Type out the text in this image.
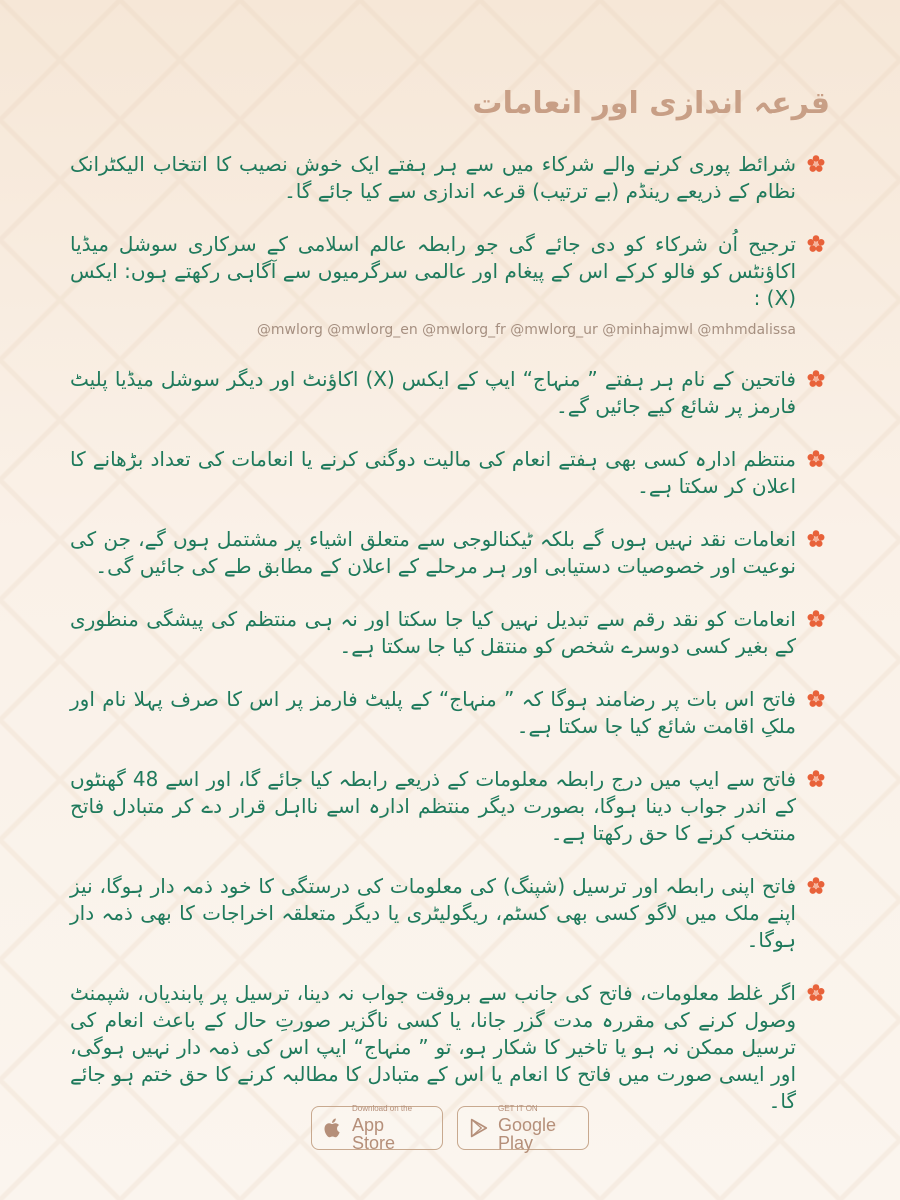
قرعہ اندازی اور انعامات
شرائط پوری کرنے والے شرکاء میں سے ہر ہفتے ایک خوش نصیب کا انتخاب الیکٹرانک نظام کے ذریعے رینڈم (بے ترتیب) قرعہ اندازی سے کیا جائے گا۔
ترجیح اُن شرکاء کو دی جائے گی جو رابطہ عالم اسلامی کے سرکاری سوشل میڈیا اکاؤنٹس کو فالو کرکے اس کے پیغام اور عالمی سرگرمیوں سے آگاہی رکھتے ہوں: ایکس (X) :
@mwlorg @mwlorg_en @mwlorg_fr @mwlorg_ur @minhajmwl @mhmdalissa
فاتحین کے نام ہر ہفتے ” منہاج“ ایپ کے ایکس (X) اکاؤنٹ اور دیگر سوشل میڈیا پلیٹ فارمز پر شائع کیے جائیں گے۔
منتظم ادارہ کسی بھی ہفتے انعام کی مالیت دوگنی کرنے یا انعامات کی تعداد بڑھانے کا اعلان کر سکتا ہے۔
انعامات نقد نہیں ہوں گے بلکہ ٹیکنالوجی سے متعلق اشیاء پر مشتمل ہوں گے، جن کی نوعیت اور خصوصیات دستیابی اور ہر مرحلے کے اعلان کے مطابق طے کی جائیں گی۔
انعامات کو نقد رقم سے تبدیل نہیں کیا جا سکتا اور نہ ہی منتظم کی پیشگی منظوری کے بغیر کسی دوسرے شخص کو منتقل کیا جا سکتا ہے۔
فاتح اس بات پر رضامند ہوگا کہ ” منہاج“ کے پلیٹ فارمز پر اس کا صرف پہلا نام اور ملکِ اقامت شائع کیا جا سکتا ہے۔
فاتح سے ایپ میں درج رابطہ معلومات کے ذریعے رابطہ کیا جائے گا، اور اسے 48 گھنٹوں کے اندر جواب دینا ہوگا، بصورت دیگر منتظم ادارہ اسے نااہل قرار دے کر متبادل فاتح منتخب کرنے کا حق رکھتا ہے۔
فاتح اپنی رابطہ اور ترسیل (شپنگ) کی معلومات کی درستگی کا خود ذمہ دار ہوگا، نیز اپنے ملک میں لاگو کسی بھی کسٹم، ریگولیٹری یا دیگر متعلقہ اخراجات کا بھی ذمہ دار ہوگا۔
اگر غلط معلومات، فاتح کی جانب سے بروقت جواب نہ دینا، ترسیل پر پابندیاں، شپمنٹ وصول کرنے کی مقررہ مدت گزر جانا، یا کسی ناگزیر صورتِ حال کے باعث انعام کی ترسیل ممکن نہ ہو یا تاخیر کا شکار ہو، تو ” منہاج“ ایپ اس کی ذمہ دار نہیں ہوگی، اور ایسی صورت میں فاتح کا انعام یا اس کے متبادل کا مطالبہ کرنے کا حق ختم ہو جائے گا۔
Download on the
App Store
GET IT ON
Google Play
